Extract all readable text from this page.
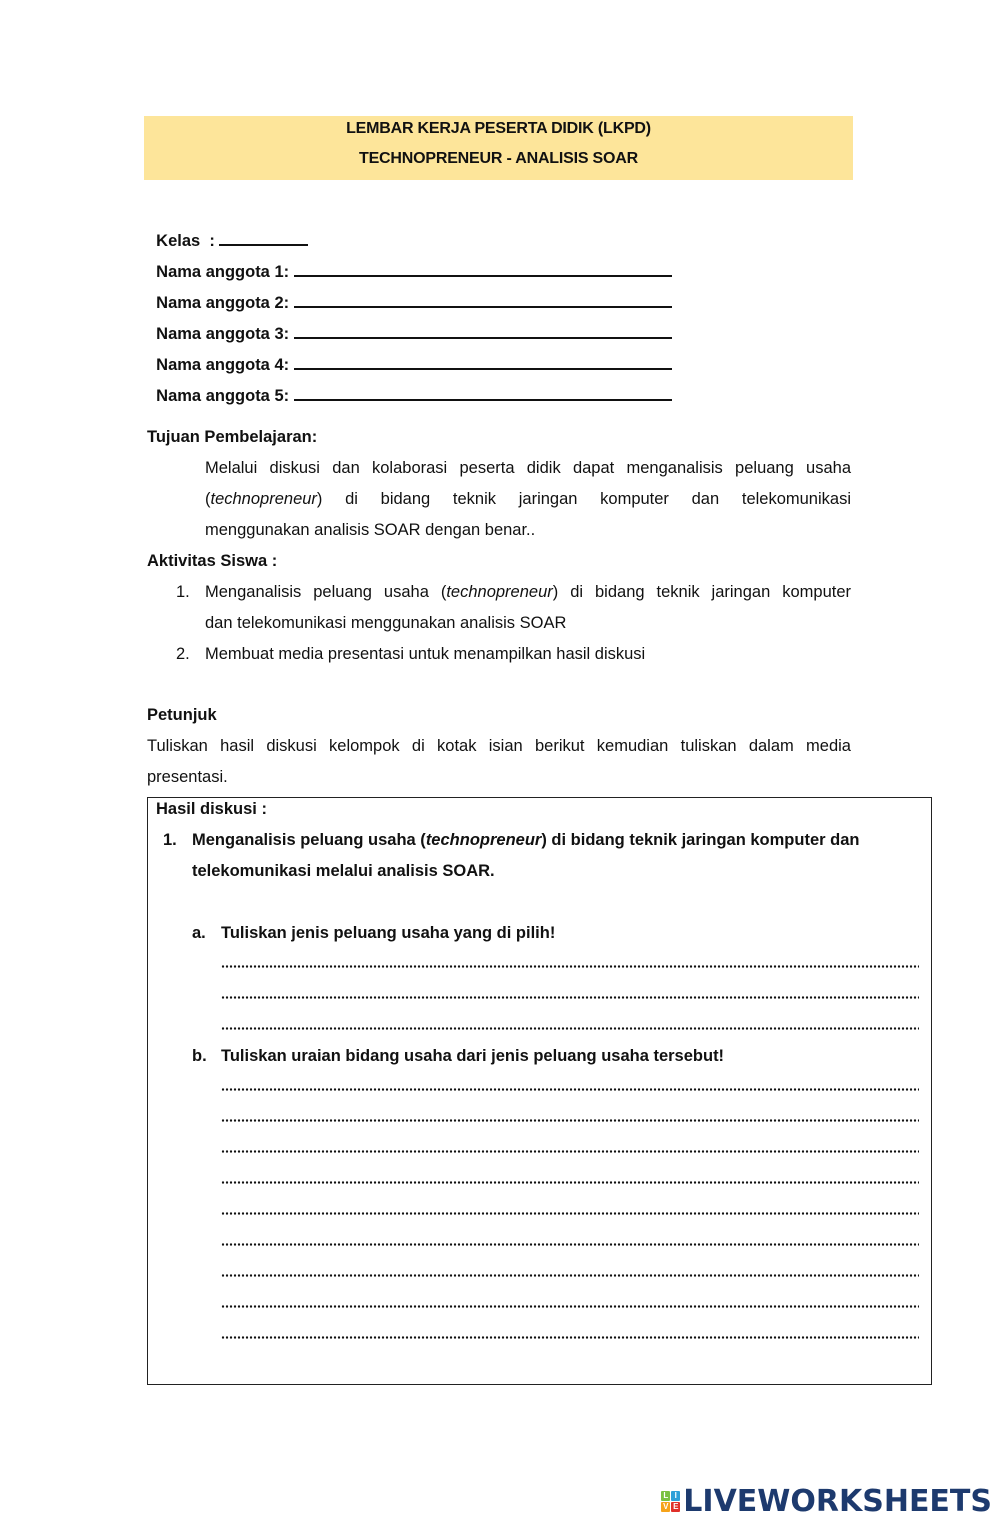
LEMBAR KERJA PESERTA DIDIK (LKPD)
TECHNOPRENEUR - ANALISIS SOAR

Kelas  :

Nama anggota 1:

Nama anggota 2:

Nama anggota 3:

Nama anggota 4:

Nama anggota 5:

Tujuan Pembelajaran:
Melalui diskusi dan kolaborasi peserta didik dapat menganalisis peluang usaha
(technopreneur) di bidang teknik jaringan komputer dan telekomunikasi
menggunakan analisis SOAR dengan benar..
Aktivitas Siswa :
1. Menganalisis peluang usaha (technopreneur) di bidang teknik jaringan komputer
dan telekomunikasi menggunakan analisis SOAR
2. Membuat media presentasi untuk menampilkan hasil diskusi
Petunjuk
Tuliskan hasil diskusi kelompok di kotak isian berikut kemudian tuliskan dalam media
presentasi.
Hasil diskusi :
1. Menganalisis peluang usaha (technopreneur) di bidang teknik jaringan komputer dan
telekomunikasi melalui analisis SOAR.
a. Tuliskan jenis peluang usaha yang di pilih!
b. Tuliskan uraian bidang usaha dari jenis peluang usaha tersebut!
L I
V E LIVEWORKSHEETS
